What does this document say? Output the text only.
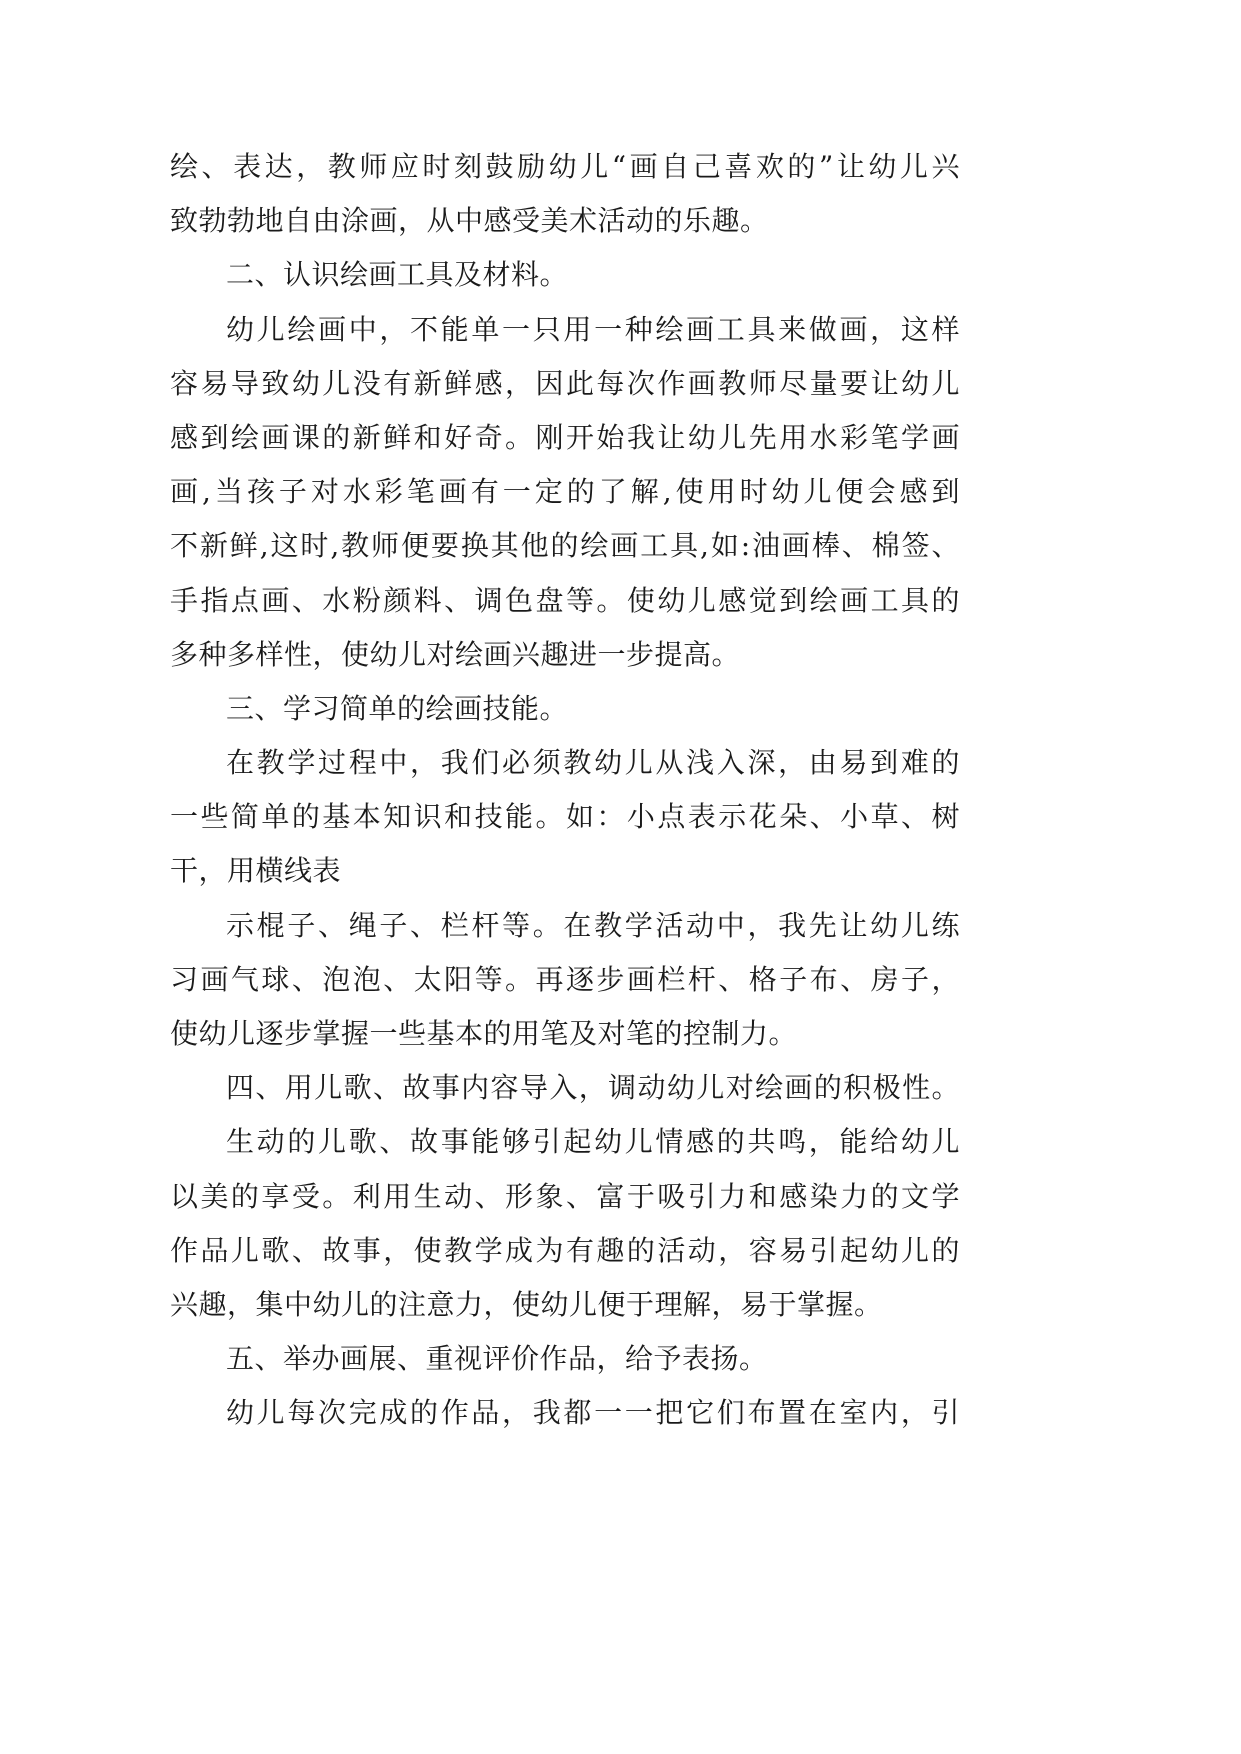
绘、表达，教师应时刻鼓励幼儿“画自己喜欢的”让幼儿兴
致勃勃地自由涂画，从中感受美术活动的乐趣。
二、认识绘画工具及材料。
幼儿绘画中，不能单一只用一种绘画工具来做画，这样
容易导致幼儿没有新鲜感，因此每次作画教师尽量要让幼儿
感到绘画课的新鲜和好奇。刚开始我让幼儿先用水彩笔学画
画,当孩子对水彩笔画有一定的了解,使用时幼儿便会感到
不新鲜,这时,教师便要换其他的绘画工具,如:油画棒、棉签、
手指点画、水粉颜料、调色盘等。使幼儿感觉到绘画工具的
多种多样性，使幼儿对绘画兴趣进一步提高。
三、学习简单的绘画技能。
在教学过程中，我们必须教幼儿从浅入深，由易到难的
一些简单的基本知识和技能。如：小点表示花朵、小草、树
干，用横线表
示棍子、绳子、栏杆等。在教学活动中，我先让幼儿练
习画气球、泡泡、太阳等。再逐步画栏杆、格子布、房子，
使幼儿逐步掌握一些基本的用笔及对笔的控制力。
四、用儿歌、故事内容导入，调动幼儿对绘画的积极性。
生动的儿歌、故事能够引起幼儿情感的共鸣，能给幼儿
以美的享受。利用生动、形象、富于吸引力和感染力的文学
作品儿歌、故事，使教学成为有趣的活动，容易引起幼儿的
兴趣，集中幼儿的注意力，使幼儿便于理解，易于掌握。
五、举办画展、重视评价作品，给予表扬。
幼儿每次完成的作品，我都一一把它们布置在室内，引
